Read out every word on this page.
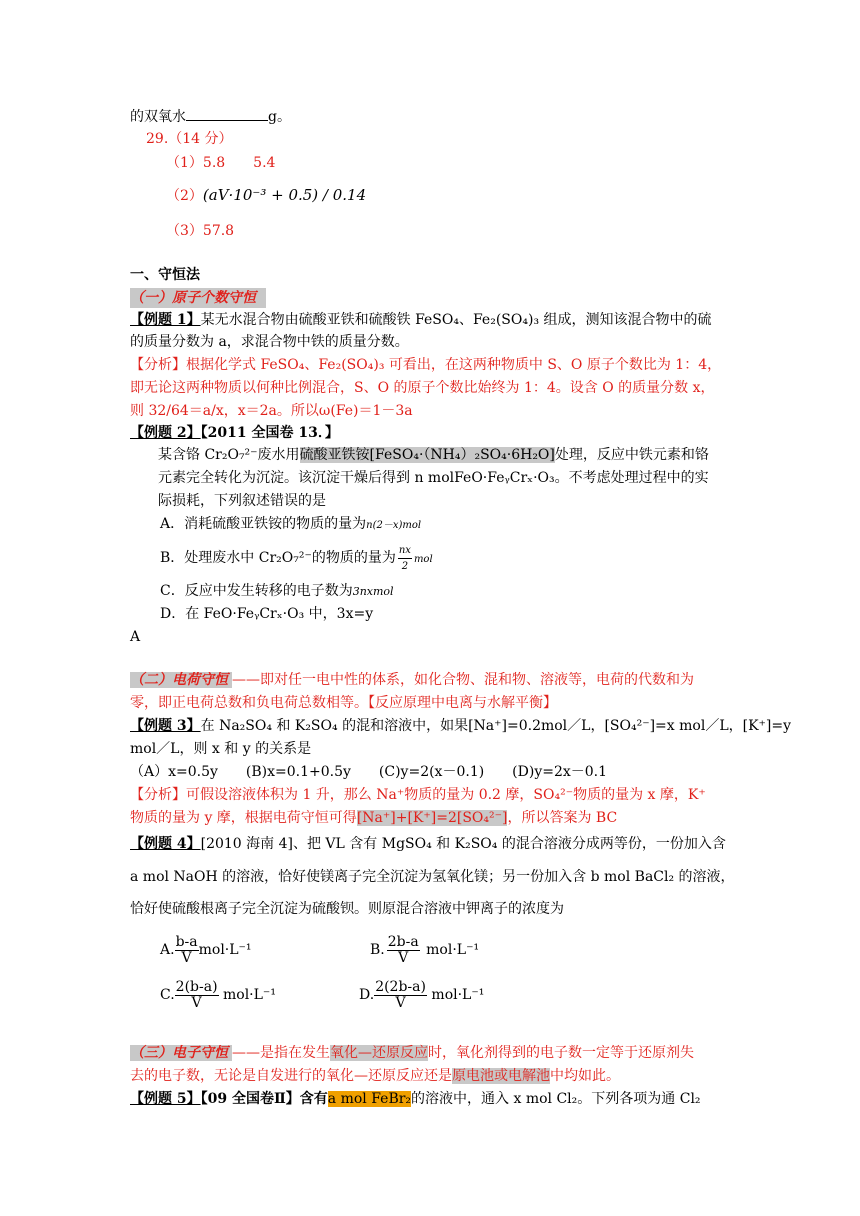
的双氧水	g。
29.（14 分）
（1）5.8　　5.4
（2）(aV·10⁻³ + 0.5) / 0.14
（3）57.8
一、守恒法
（一）原子个数守恒
【例题 1】某无水混合物由硫酸亚铁和硫酸铁 FeSO₄、Fe₂(SO₄)₃ 组成，测知该混合物中的硫
的质量分数为 a，求混合物中铁的质量分数。
【分析】根据化学式 FeSO₄、Fe₂(SO₄)₃ 可看出，在这两种物质中 S、O 原子个数比为 1：4，
即无论这两种物质以何种比例混合，S、O 的原子个数比始终为 1：4。设含 O 的质量分数 x，
则 32/64＝a/x，x＝2a。所以ω(Fe)＝1－3a
【例题 2】【2011 全国卷 13．】
某含铬 Cr₂O₇²⁻废水用硫酸亚铁铵[FeSO₄·（NH₄）₂SO₄·6H₂O]处理，反应中铁元素和铬
元素完全转化为沉淀。该沉淀干燥后得到 n molFeO·FeᵧCrₓ·O₃。不考虑处理过程中的实
际损耗，下列叙述错误的是
A．消耗硫酸亚铁铵的物质的量为n(2－x)mol
B．处理废水中 Cr₂O₇²⁻的物质的量为 $\frac{nx}{2}$ mol
C．反应中发生转移的电子数为3nxmol
D．在 FeO·FeᵧCrₓ·O₃ 中，3x=y
A
（二）电荷守恒 ——即对任一电中性的体系，如化合物、混和物、溶液等，电荷的代数和为
零，即正电荷总数和负电荷总数相等。【反应原理中电离与水解平衡】
【例题 3】在 Na₂SO₄ 和 K₂SO₄ 的混和溶液中，如果[Na⁺]=0.2mol／L，[SO₄²⁻]=x mol／L，[K⁺]=y
mol／L，则 x 和 y 的关系是
（A）x=0.5y　　(B)x=0.1+0.5y　　(C)y=2(x－0.1)　　(D)y=2x－0.1
【分析】可假设溶液体积为 1 升，那么 Na⁺物质的量为 0.2 摩，SO₄²⁻物质的量为 x 摩，K⁺
物质的量为 y 摩，根据电荷守恒可得[Na⁺]+[K⁺]=2[SO₄²⁻]，所以答案为 BC
【例题 4】[2010 海南 4]、把 VL 含有 MgSO₄ 和 K₂SO₄ 的混合溶液分成两等份，一份加入含
a mol NaOH 的溶液，恰好使镁离子完全沉淀为氢氧化镁；另一份加入含 b mol BaCl₂ 的溶液，
恰好使硫酸根离子完全沉淀为硫酸钡。则原混合溶液中钾离子的浓度为
A. $\frac{b-a}{V} mol\cdot L^{-1}$	B. $\frac{2b-a}{V} mol\cdot L^{-1}$
C. $\frac{2(b-a)}{V} mol\cdot L^{-1}$	D. $\frac{2(2b-a)}{V} mol\cdot L^{-1}$
（三）电子守恒 ——是指在发生氧化—还原反应时，氧化剂得到的电子数一定等于还原剂失
去的电子数，无论是自发进行的氧化—还原反应还是原电池或电解池中均如此。
【例题 5】【09 全国卷Ⅱ】含有a mol FeBr₂的溶液中，通入 x mol Cl₂。下列各项为通 Cl₂
